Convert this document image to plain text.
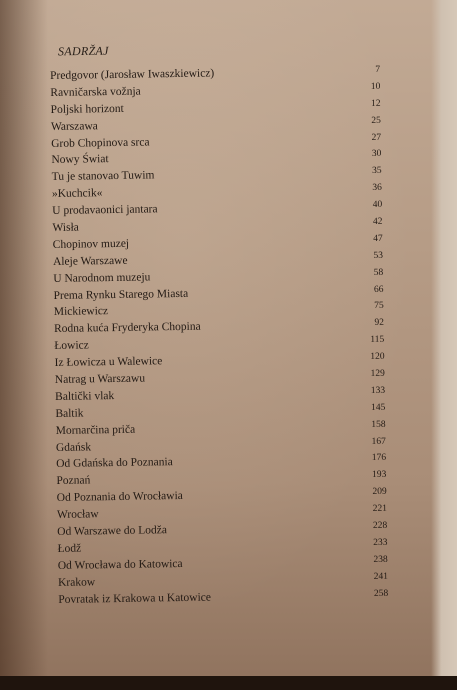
SADRŽAJ
Predgovor (Jarosław Iwaszkiewicz)	7
Ravničarska vožnja	10
Poljski horizont	12
Warszawa	25
Grob Chopinova srca	27
Nowy Świat	30
Tu je stanovao Tuwim	35
»Kuchcik«	36
U prodavaonici jantara	40
Wisła	42
Chopinov muzej	47
Aleje Warszawe	53
U Narodnom muzeju	58
Prema Rynku Starego Miasta	66
Mickiewicz	75
Rodna kuća Fryderyka Chopina	92
Łowicz	115
Iz Łowicza u Walewice	120
Natrag u Warszawu	129
Baltički vlak	133
Baltik	145
Mornarčina priča	158
Gdańsk	167
Od Gdańska do Poznania	176
Poznań	193
Od Poznania do Wrocławia	209
Wrocław	221
Od Warszawe do Lodža	228
Łodž	233
Od Wrocława do Katowica	238
Krakow	241
Povratak iz Krakowa u Katowice	258
